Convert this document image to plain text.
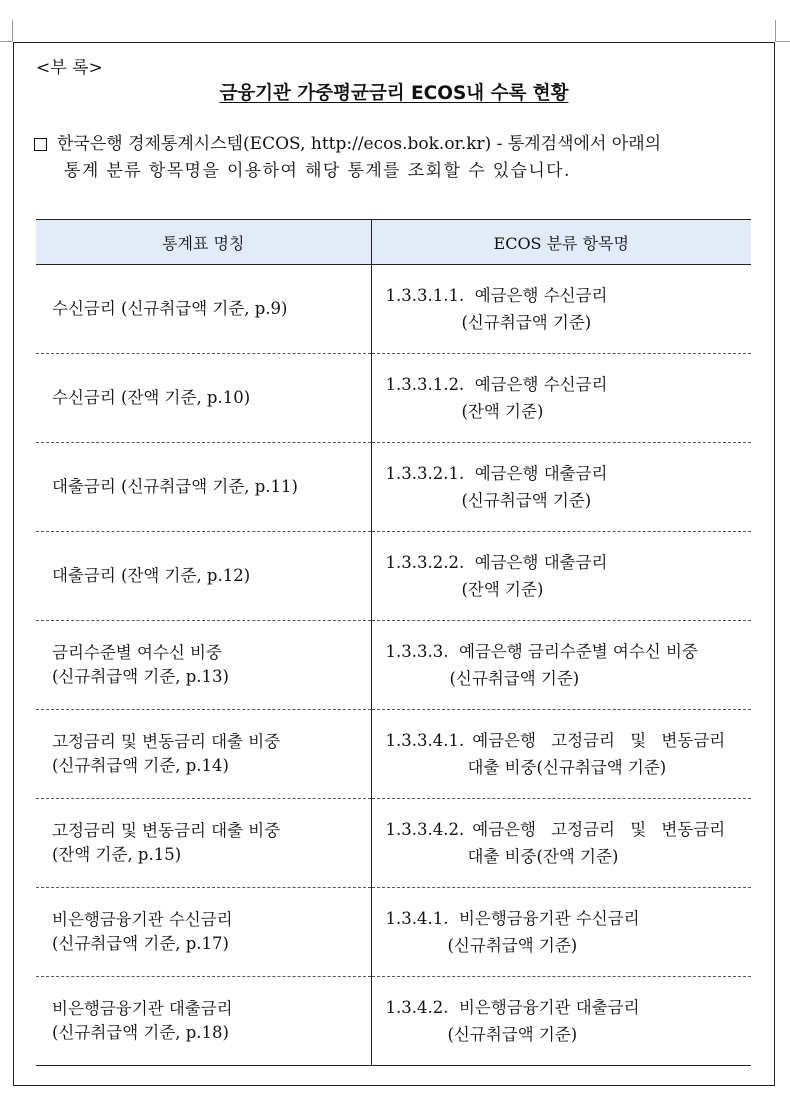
<부 록>
금융기관 가중평균금리 ECOS내 수록 현황
한국은행 경제통계시스템(ECOS, http://ecos.bok.or.kr) - 통계검색에서 아래의
통계 분류 항목명을 이용하여 해당 통계를 조회할 수 있습니다.
통계표 명칭	ECOS 분류 항목명
수신금리 (신규취급액 기준, p.9)	1.3.3.1.1. 예금은행 수신금리
(신규취급액 기준)

수신금리 (잔액 기준, p.10)	1.3.3.1.2. 예금은행 수신금리
(잔액 기준)

대출금리 (신규취급액 기준, p.11)	1.3.3.2.1. 예금은행 대출금리
(신규취급액 기준)

대출금리 (잔액 기준, p.12)	1.3.3.2.2. 예금은행 대출금리
(잔액 기준)

금리수준별 여수신 비중
(신규취급액 기준, p.13)	1.3.3.3. 예금은행 금리수준별 여수신 비중
(신규취급액 기준)

고정금리 및 변동금리 대출 비중
(신규취급액 기준, p.14)	1.3.3.4.1. 예금은행 고정금리 및 변동금리
대출 비중(신규취급액 기준)

고정금리 및 변동금리 대출 비중
(잔액 기준, p.15)	1.3.3.4.2. 예금은행 고정금리 및 변동금리
대출 비중(잔액 기준)

비은행금융기관 수신금리
(신규취급액 기준, p.17)	1.3.4.1. 비은행금융기관 수신금리
(신규취급액 기준)

비은행금융기관 대출금리
(신규취급액 기준, p.18)	1.3.4.2. 비은행금융기관 대출금리
(신규취급액 기준)
